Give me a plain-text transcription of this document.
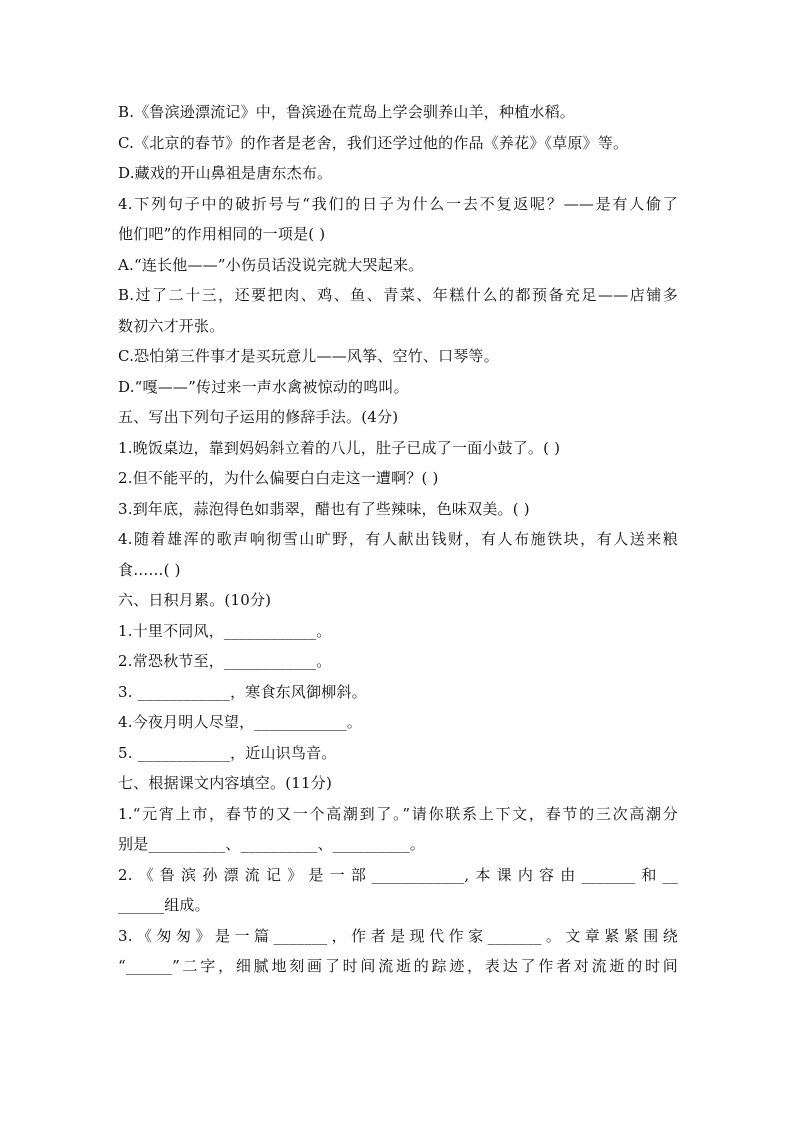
B.《鲁滨逊漂流记》中，鲁滨逊在荒岛上学会驯养山羊，种植水稻。
C.《北京的春节》的作者是老舍，我们还学过他的作品《养花》《草原》等。
D.藏戏的开山鼻祖是唐东杰布。
4.下列句子中的破折号与“我们的日子为什么一去不复返呢？——是有人偷了
他们吧”的作用相同的一项是( )
A.“连长他——”小伤员话没说完就大哭起来。
B.过了二十三，还要把肉、鸡、鱼、青菜、年糕什么的都预备充足——店铺多
数初六才开张。
C.恐怕第三件事才是买玩意儿——风筝、空竹、口琴等。
D.“嘎——”传过来一声水禽被惊动的鸣叫。
五、写出下列句子运用的修辞手法。(4分)
1.晚饭桌边，靠到妈妈斜立着的八儿，肚子已成了一面小鼓了。( )
2.但不能平的，为什么偏要白白走这一遭啊？( )
3.到年底，蒜泡得色如翡翠，醋也有了些辣味，色味双美。( )
4.随着雄浑的歌声响彻雪山旷野，有人献出钱财，有人布施铁块，有人送来粮
食……( )
六、日积月累。(10分)
1.十里不同风，____________。
2.常恐秋节至，____________。
3. ____________，寒食东风御柳斜。
4.今夜月明人尽望，____________。
5. ____________，近山识鸟音。
七、根据课文内容填空。(11分)
1.“元宵上市，春节的又一个高潮到了。”请你联系上下文，春节的三次高潮分
别是__________、__________、__________。
2.《鲁滨孙漂流记》是一部____________,本课内容由_______和__
______组成。
3.《匆匆》是一篇_______，作者是现代作家_______。文章紧紧围绕
“______”二字，细腻地刻画了时间流逝的踪迹，表达了作者对流逝的时间
